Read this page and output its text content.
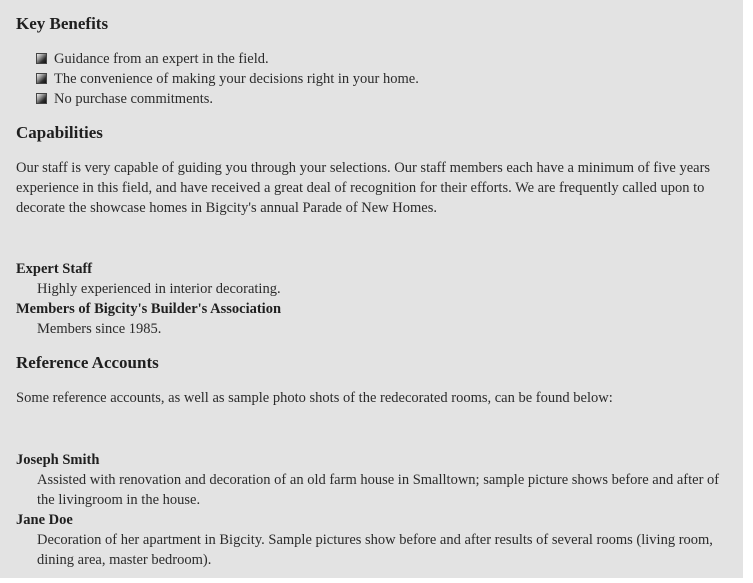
Key Benefits
Guidance from an expert in the field.
The convenience of making your decisions right in your home.
No purchase commitments.
Capabilities

Our staff is very capable of guiding you through your selections. Our staff members each have a minimum of five years experience in this field, and have received a great deal of recognition for their efforts. We are frequently called upon to decorate the showcase homes in Bigcity's annual Parade of New Homes.

Expert Staff
Highly experienced in interior decorating.
Members of Bigcity's Builder's Association
Members since 1985.
Reference Accounts

Some reference accounts, as well as sample photo shots of the redecorated rooms, can be found below:

Joseph Smith
Assisted with renovation and decoration of an old farm house in Smalltown; sample picture shows before and after of the livingroom in the house.
Jane Doe
Decoration of her apartment in Bigcity. Sample pictures show before and after results of several rooms (living room, dining area, master bedroom).
